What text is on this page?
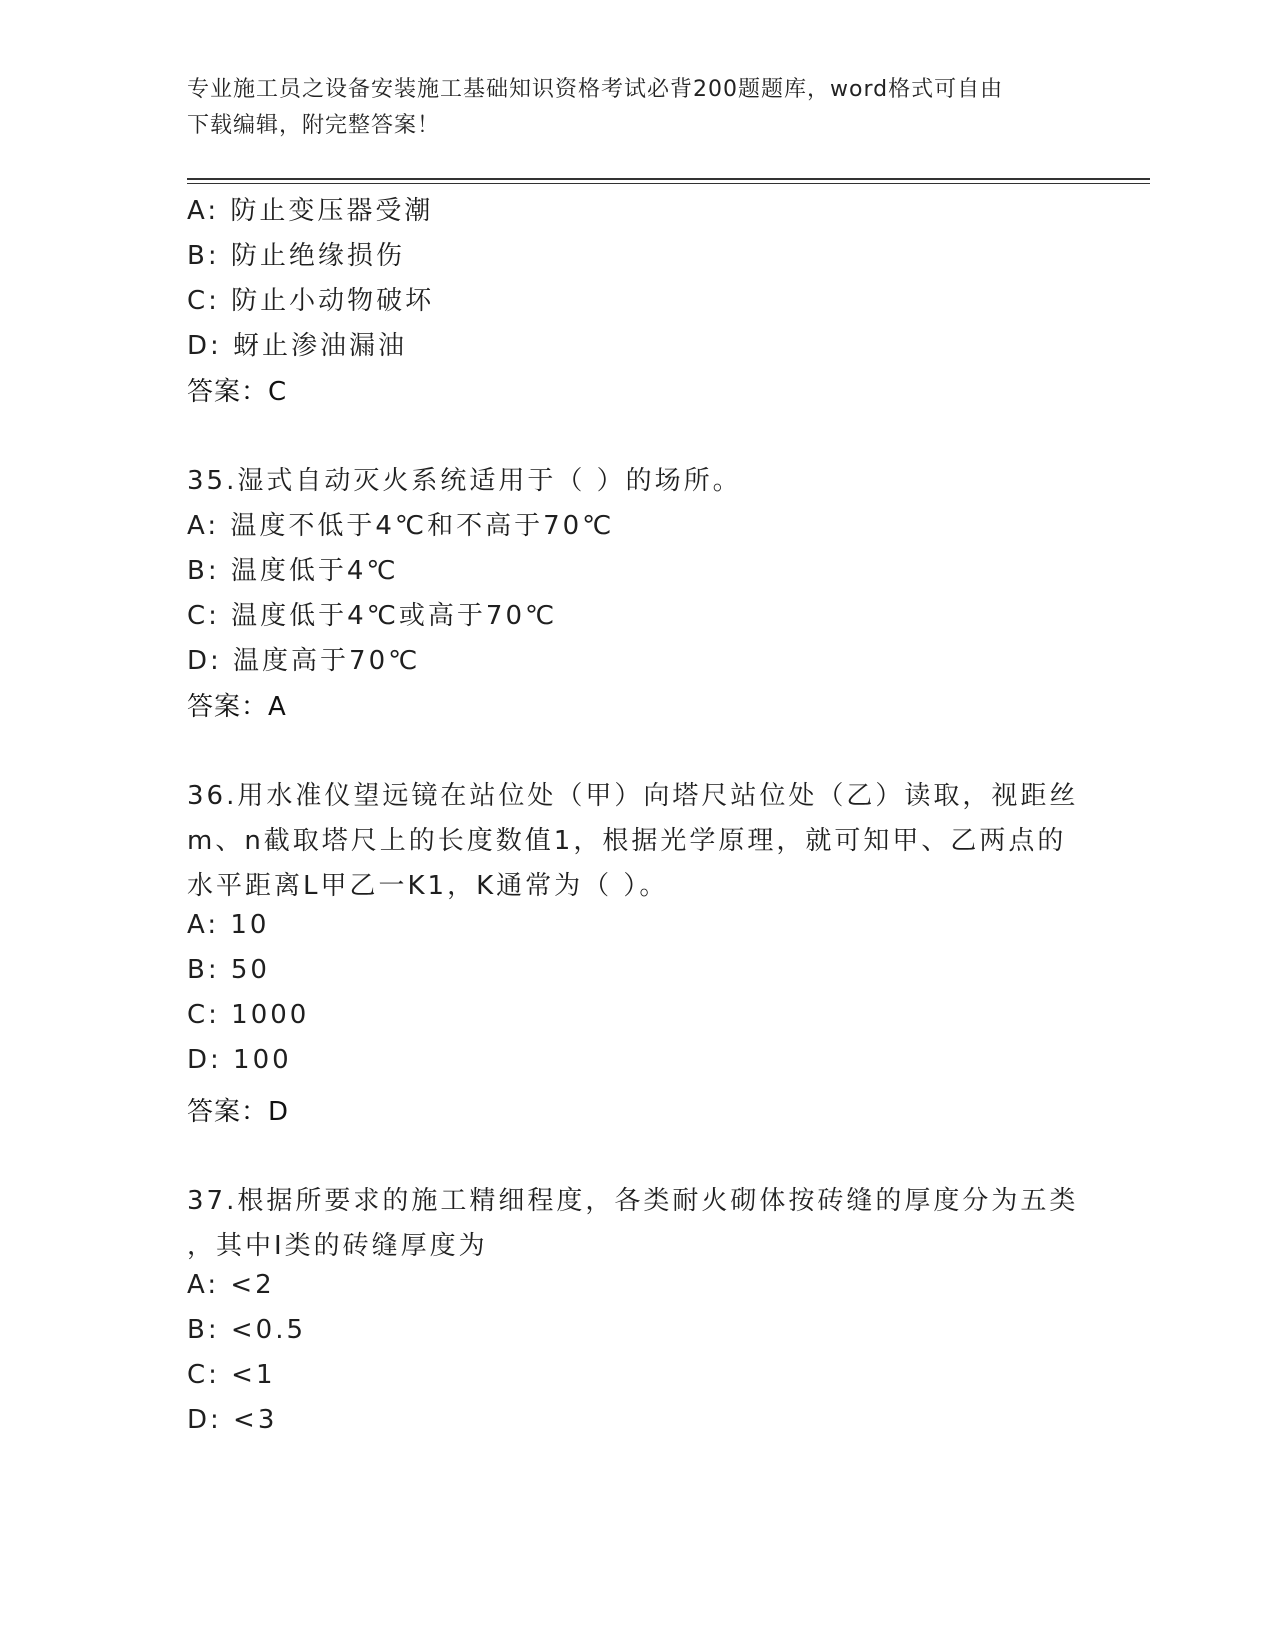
专业施工员之设备安装施工基础知识资格考试必背200题题库，word格式可自由
下载编辑，附完整答案！
A: 防止变压器受潮
B: 防止绝缘损伤
C: 防止小动物破坏
D: 蚜止渗油漏油
答案：C
35.湿式自动灭火系统适用于（ ）的场所。
A: 温度不低于4℃和不高于70℃
B: 温度低于4℃
C: 温度低于4℃或高于70℃
D: 温度高于70℃
答案：A
36.用水准仪望远镜在站位处（甲）向塔尺站位处（乙）读取，视距丝
m、n截取塔尺上的长度数值1，根据光学原理，就可知甲、乙两点的
水平距离L甲乙一K1，K通常为（ ）。
A: 10
B: 50
C: 1000
D: 100
答案：D
37.根据所要求的施工精细程度，各类耐火砌体按砖缝的厚度分为五类
，其中I类的砖缝厚度为
A: <2
B: <0.5
C: <1
D: <3
